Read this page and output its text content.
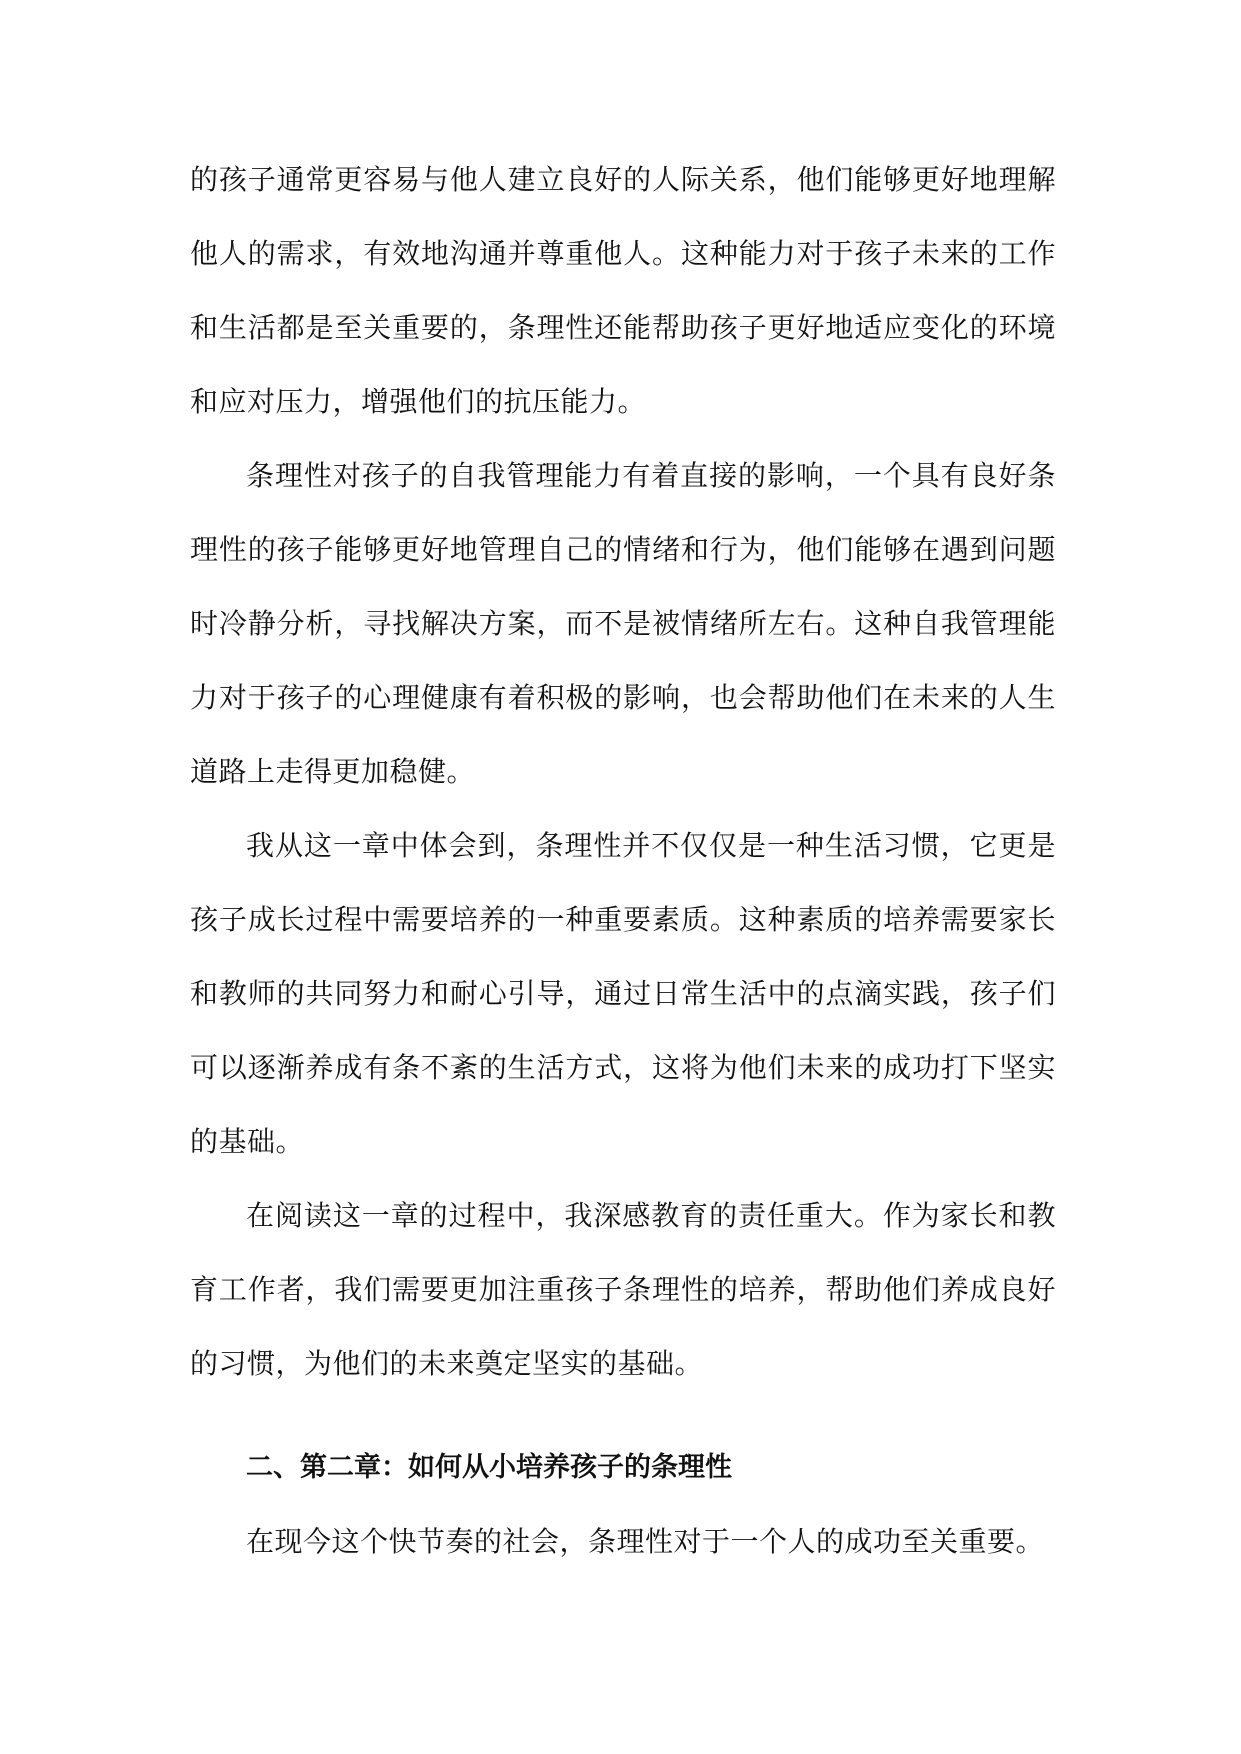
的孩子通常更容易与他人建立良好的人际关系，他们能够更好地理解他人的需求，有效地沟通并尊重他人。这种能力对于孩子未来的工作和生活都是至关重要的，条理性还能帮助孩子更好地适应变化的环境和应对压力，增强他们的抗压能力。

条理性对孩子的自我管理能力有着直接的影响，一个具有良好条理性的孩子能够更好地管理自己的情绪和行为，他们能够在遇到问题时冷静分析，寻找解决方案，而不是被情绪所左右。这种自我管理能力对于孩子的心理健康有着积极的影响，也会帮助他们在未来的人生道路上走得更加稳健。

我从这一章中体会到，条理性并不仅仅是一种生活习惯，它更是孩子成长过程中需要培养的一种重要素质。这种素质的培养需要家长和教师的共同努力和耐心引导，通过日常生活中的点滴实践，孩子们可以逐渐养成有条不紊的生活方式，这将为他们未来的成功打下坚实的基础。

在阅读这一章的过程中，我深感教育的责任重大。作为家长和教育工作者，我们需要更加注重孩子条理性的培养，帮助他们养成良好的习惯，为他们的未来奠定坚实的基础。

二、第二章：如何从小培养孩子的条理性

在现今这个快节奏的社会，条理性对于一个人的成功至关重要。
